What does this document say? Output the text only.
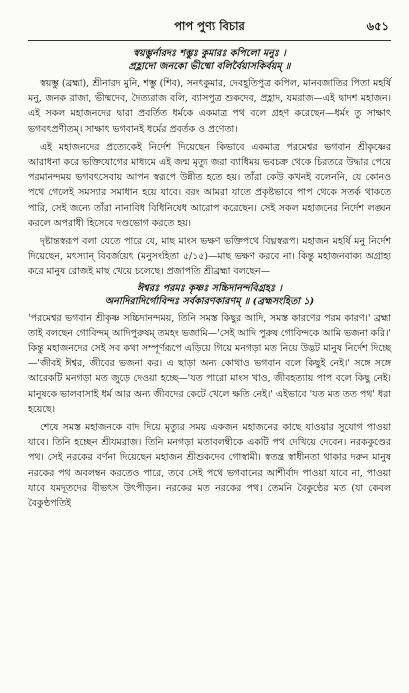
পাপ পুণ্য বিচার	৬৫১
স্বয়ম্ভুর্নারদঃ শম্ভুঃ কুমারঃ কপিলো মনুঃ ।
প্রহ্লাদো জনকো ভীষ্মো বলির্বৈয়াসকির্বয়ম্‌ ॥

স্বয়ম্ভু (ব্রহ্মা), শ্রীনারদ মুনি, শম্ভু (শিব), সনৎকুমার, দেবহূতিপুত্র কপিল, মানবজাতির পিতা মহর্ষি মনু, জনক রাজা, ভীষ্মদেব, দৈত্যরাজ বলি, ব্যাসপুত্র শুকদেব, প্রহ্লাদ, যমরাজ—এই দ্বাদশ মহাজন। এই সকল মহাজনদের দ্বারা প্রবর্তিত ধর্মকে একমাত্র পথ বলে গ্রহণ করেছেন—ধর্মং তু সাক্ষাৎ ভগবৎপ্রণীতম্‌। সাক্ষাৎ ভগবানই ধর্মের প্রবর্তক ও প্রণেতা।

এই মহাজনদের প্রত্যেকেই নির্দেশ দিয়েছেন কিভাবে একমাত্র পরমেশ্বর ভগবান শ্রীকৃষ্ণের আরাধনা করে ভক্তিযোগের মাধ্যমে এই জন্ম মৃত্যু জরা ব্যাধিময় ভবচক্র থেকে চিরতরে উদ্ধার পেয়ে পরমানন্দময় ভগবৎসেবায় আপন স্বরূপে উন্নীত হতে হয়। তাঁরা কেউ কখনই বলেননি, যে কোনও পথে গেলেই সমস্যার সমাধান হয়ে যাবে। বরং আমরা যাতে প্রকৃষ্টভাবে পাপ থেকে সতর্ক থাকতে পারি, সেই জন্যে তাঁরা নানাবিধ বিধিনিষেধ আরোপ করেছেন। সেই সকল মহাজনের নির্দেশ লঙ্ঘন করলে অপরাধী হিসেবে দণ্ডভোগ করতে হয়।

দৃষ্টান্তস্বরূপ বলা যেতে পারে যে, মাছ মাংস ভক্ষণ ভক্তিপথে বিঘ্নস্বরূপ। মহাজন মহর্ষি মনু নির্দেশ দিয়েছেন, মৎস্যান্‌ বিবর্জয়েৎ (মনুসংহিতা ৫/১৫)—মাছ ভক্ষণ করবে না। কিন্তু মহাজনবাক্য অগ্রাহ্য করে মানুষ রোজই মাছ খেয়ে চলেছে। প্রজাপতি শ্রীব্রহ্মা বলছেন—

ঈশ্বরঃ পরমঃ কৃষ্ণঃ সচ্চিদানন্দবিগ্রহঃ ।
অনাদিরাদির্গোবিন্দঃ সর্বকারণকারণম্‌ ॥ (ব্রহ্মসংহিতা ১)

'পরমেশ্বর ভগবান শ্রীকৃষ্ণ সচ্চিদানন্দময়, তিনি সমস্ত কিছুর আদি, সমস্ত কারণের পরম কারণ।' ব্রহ্মা তাই বলছেন গোবিন্দম্‌ আদিপুরুষম্‌ তমহং ভজামি—'সেই আদি পুরুষ গোবিন্দকে আমি ভজনা করি।' কিন্তু মহাজনদের সেই সব কথা সম্পূর্ণরূপে এড়িয়ে গিয়ে মনগড়া মত নিয়ে উদ্ভট মানুষ নির্দেশ দিচ্ছে—'জীবই ঈশ্বর, জীবের ভজনা কর। এ ছাড়া অন্য কোথাও ভগবান বলে কিছুই নেই।' সঙ্গে সঙ্গে আরেকটি মনগড়া মত জুড়ে দেওয়া হচ্ছে—'যত পারো মাংস খাও, জীবহত্যায় পাপ বলে কিছু নেই। মানুষকে ভালবাসাই ধর্ম আর অন্য জীবদের কেটে খেলে ক্ষতি নেই।' এইভাবে 'যত মত তত পথ' ধরা হয়েছে।

শেষে সমস্ত মহাজনকে বাদ দিয়ে মৃত্যুর সময় একজন মহাজনের কাছে যাওয়ার সুযোগ পাওয়া যাবে। তিনি হচ্ছেন শ্রীযমরাজ। তিনি মনগড়া মতাবলম্বীকে একটি পথ দেখিয়ে দেবেন। নরককুণ্ডের পথ। সেই নরকের বর্ণনা দিয়েছেন মহাজন শ্রীশুকদেব গোস্বামী। স্বতন্ত্র স্বাধীনতা থাকার দরুন মানুষ নরকের পথ অবলম্বন করতেও পারে, তবে সেই পথে ভগবানের আশীর্বাদ পাওয়া যাবে না, পাওয়া যাবে যমদূতদের বীভৎস উৎপীড়ন। নরকের মত নরকের পথ। তেমনি বৈকুণ্ঠের মত (যা কেবল বৈকুণ্ঠপতিই
